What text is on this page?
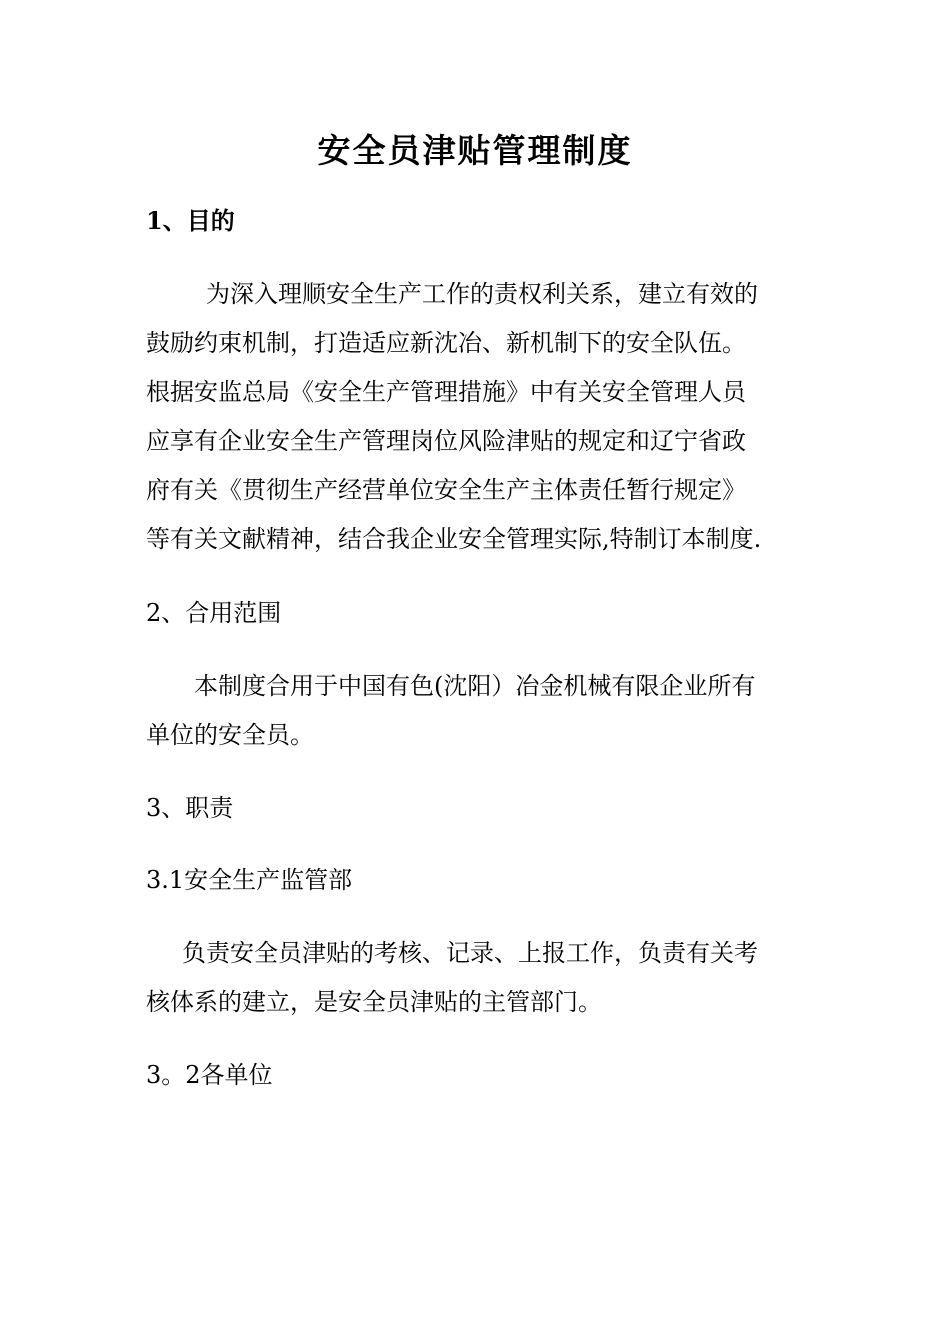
安全员津贴管理制度

1、目的

为深入理顺安全生产工作的责权利关系，建立有效的

鼓励约束机制，打造适应新沈冶、新机制下的安全队伍。

根据安监总局《安全生产管理措施》中有关安全管理人员

应享有企业安全生产管理岗位风险津贴的规定和辽宁省政

府有关《贯彻生产经营单位安全生产主体责任暂行规定》

等有关文献精神，结合我企业安全管理实际,特制订本制度.

2、合用范围

本制度合用于中国有色(沈阳）冶金机械有限企业所有

单位的安全员。

3、职责

3.1安全生产监管部

负责安全员津贴的考核、记录、上报工作，负责有关考

核体系的建立，是安全员津贴的主管部门。

3。2各单位
